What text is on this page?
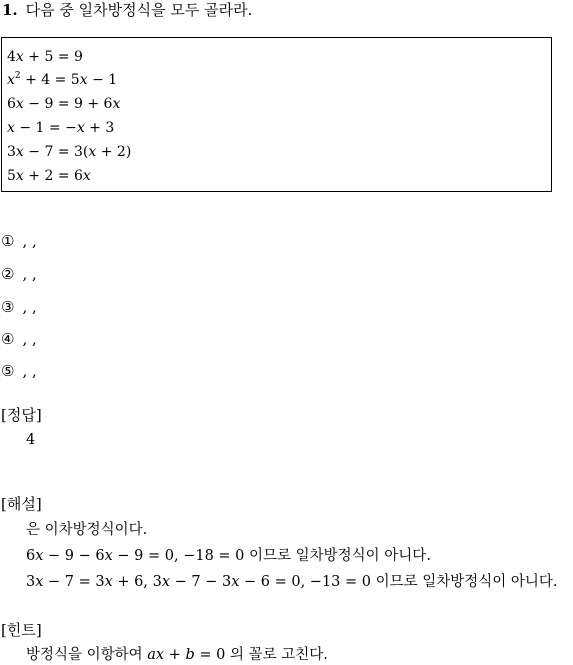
1. 다음 중 일차방정식을 모두 골라라.
4x + 5 = 9
$x^2 + 4 = 5x - 1$
6x − 9 = 9 + 6x
x − 1 = −x + 3
3x − 7 = 3(x + 2)
5x + 2 = 6x
① , ,
② , ,
③ , ,
④ , ,
⑤ , ,
[정답]
4
[해설]
은 이차방정식이다.
6x − 9 − 6x − 9 = 0, −18 = 0 이므로 일차방정식이 아니다.
3x − 7 = 3x + 6, 3x − 7 − 3x − 6 = 0, −13 = 0 이므로 일차방정식이 아니다.
[힌트]
방정식을 이항하여 ax + b = 0 의 꼴로 고친다.
